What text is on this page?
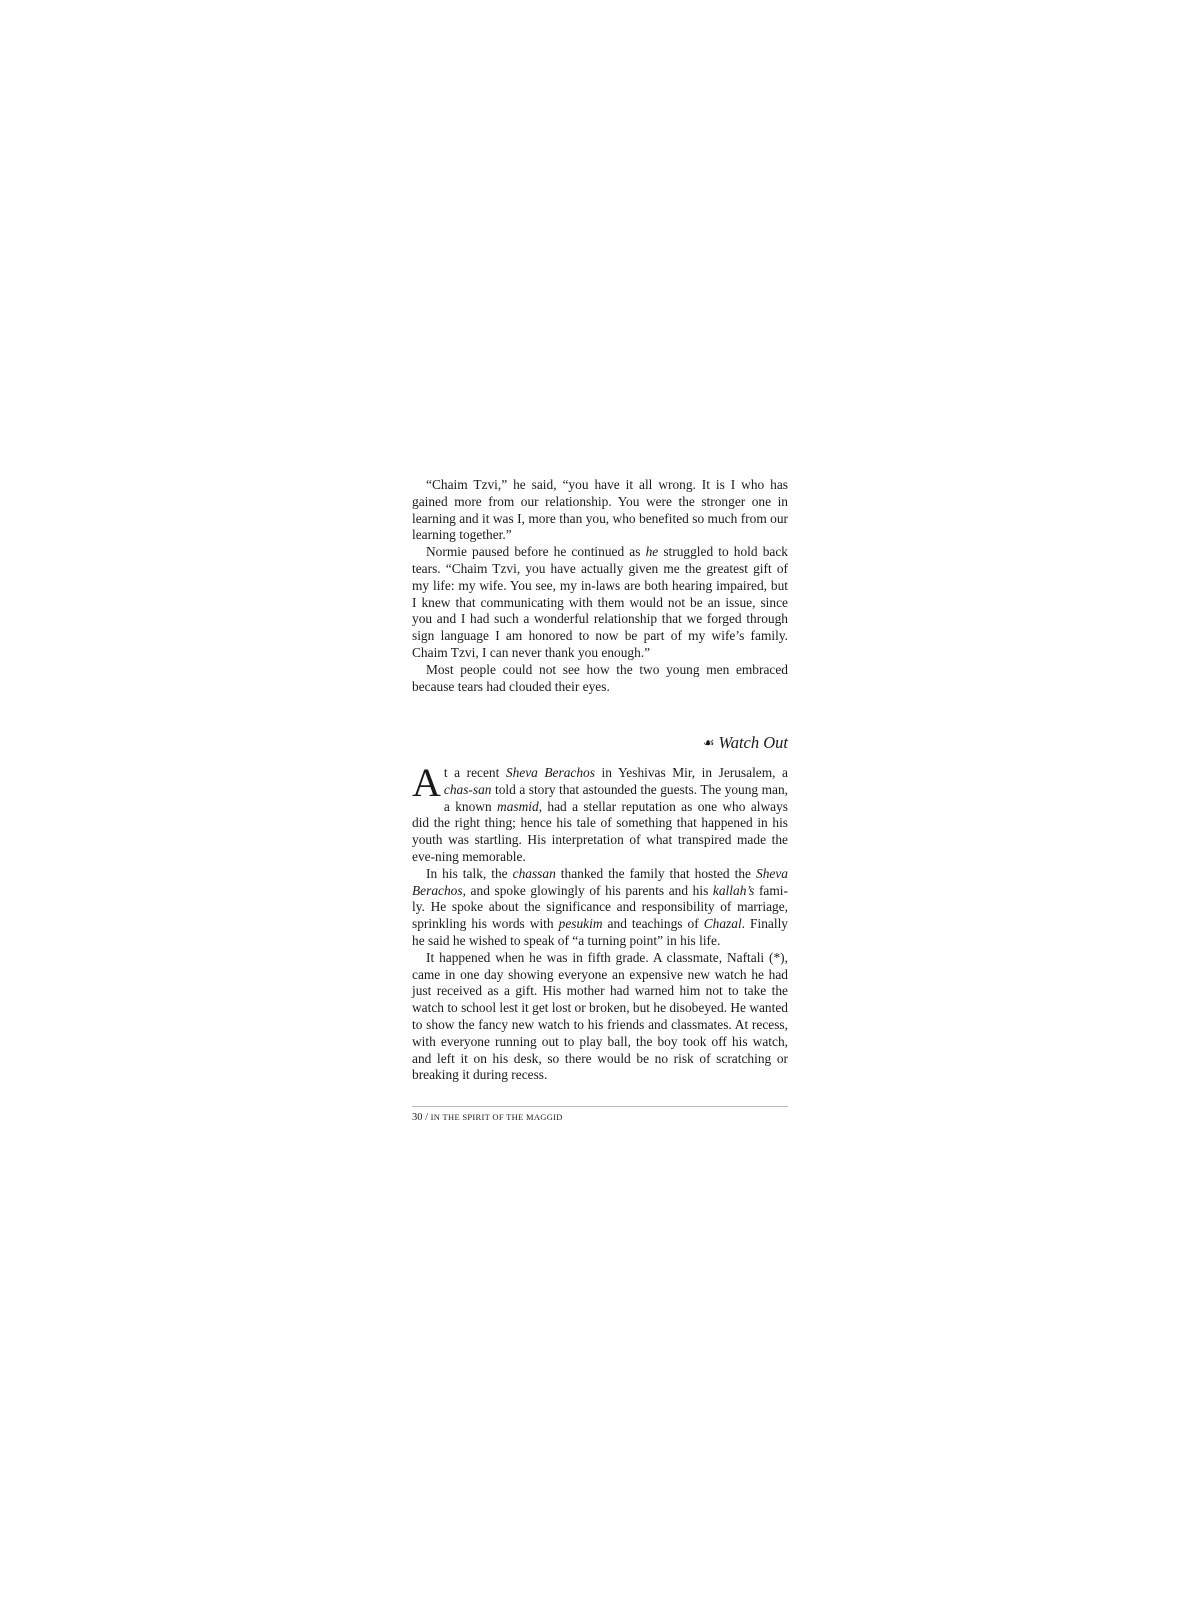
“Chaim Tzvi,” he said, “you have it all wrong. It is I who has gained more from our relationship. You were the stronger one in learning and it was I, more than you, who benefited so much from our learning together.”

Normie paused before he continued as he struggled to hold back tears. “Chaim Tzvi, you have actually given me the greatest gift of my life: my wife. You see, my in-laws are both hearing impaired, but I knew that communicating with them would not be an issue, since you and I had such a wonderful relationship that we forged through sign language I am honored to now be part of my wife’s family. Chaim Tzvi, I can never thank you enough.”

Most people could not see how the two young men embraced because tears had clouded their eyes.

☙ Watch Out

At a recent Sheva Berachos in Yeshivas Mir, in Jerusalem, a chas-san told a story that astounded the guests. The young man, a known masmid, had a stellar reputation as one who always did the right thing; hence his tale of something that happened in his youth was startling. His interpretation of what transpired made the eve-ning memorable.

In his talk, the chassan thanked the family that hosted the Sheva Berachos, and spoke glowingly of his parents and his kallah’s fami-ly. He spoke about the significance and responsibility of marriage, sprinkling his words with pesukim and teachings of Chazal. Finally he said he wished to speak of “a turning point” in his life.

It happened when he was in fifth grade. A classmate, Naftali (*), came in one day showing everyone an expensive new watch he had just received as a gift. His mother had warned him not to take the watch to school lest it get lost or broken, but he disobeyed. He wanted to show the fancy new watch to his friends and classmates. At recess, with everyone running out to play ball, the boy took off his watch, and left it on his desk, so there would be no risk of scratching or breaking it during recess.

30 / IN THE SPIRIT OF THE MAGGID
